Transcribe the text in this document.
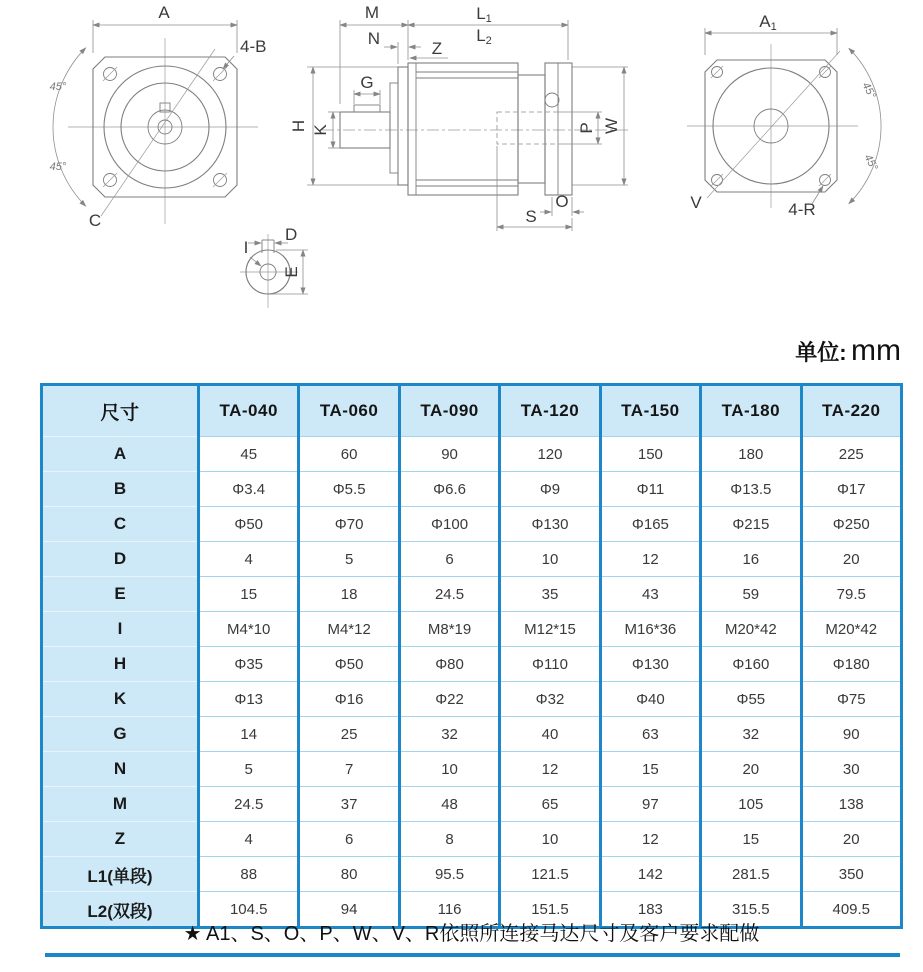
A
4-B
45°
45°
C
M	L1
L2
N
Z
G
K
H	P W
O
S
A1
V	4-R
45°
45°
D
I
E
单位: mm
尺寸	TA-040	TA-060	TA-090	TA-120	TA-150	TA-180	TA-220
A	45	60	90	120	150	180	225
B	Φ3.4	Φ5.5	Φ6.6	Φ9	Φ11	Φ13.5	Φ17
C	Φ50	Φ70	Φ100	Φ130	Φ165	Φ215	Φ250
D	4	5	6	10	12	16	20
E	15	18	24.5	35	43	59	79.5
I	M4*10	M4*12	M8*19	M12*15	M16*36	M20*42	M20*42
H	Φ35	Φ50	Φ80	Φ110	Φ130	Φ160	Φ180
K	Φ13	Φ16	Φ22	Φ32	Φ40	Φ55	Φ75
G	14	25	32	40	63	32	90
N	5	7	10	12	15	20	30
M	24.5	37	48	65	97	105	138
Z	4	6	8	10	12	15	20
L1(单段)	88	80	95.5	121.5	142	281.5	350
L2(双段)	104.5	94	116	151.5	183	315.5	409.5
★ A1、S、O、P、W、V、R依照所连接马达尺寸及客户要求配做
